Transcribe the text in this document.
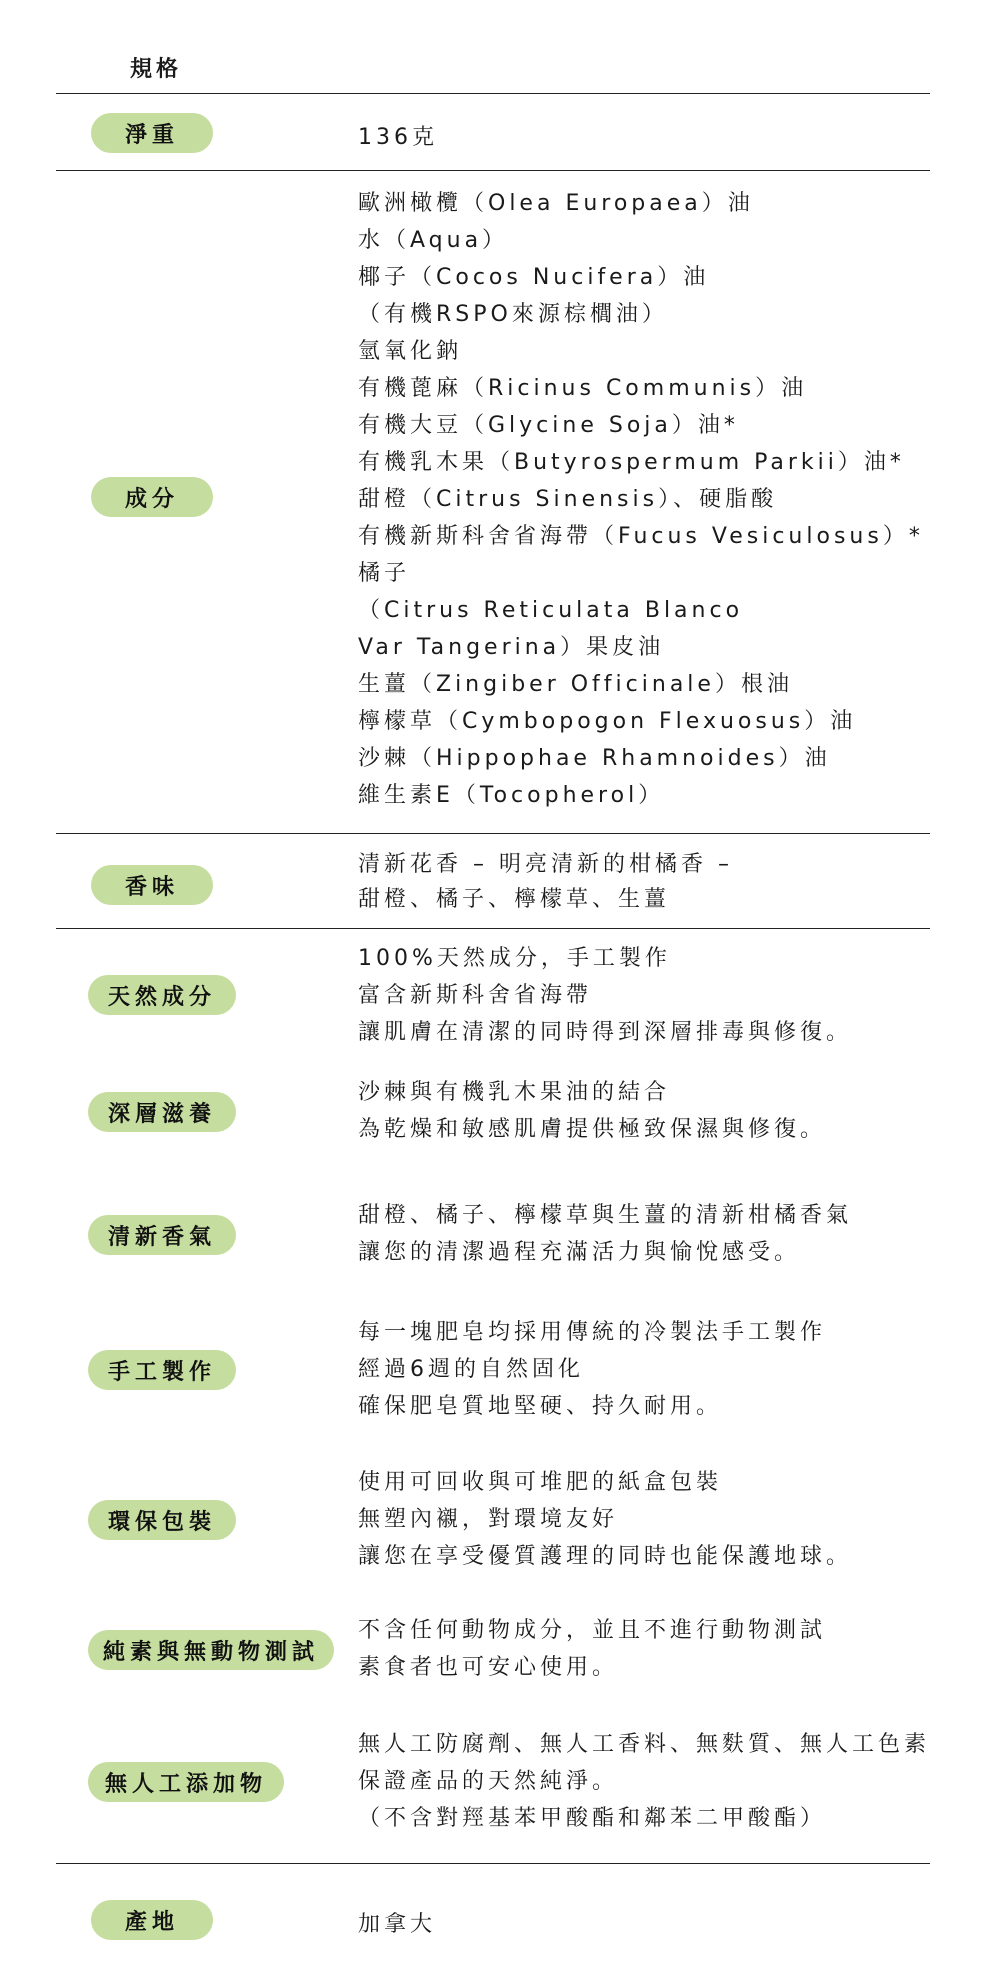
規格
淨重	136克
成分
歐洲橄欖（Olea Europaea）油
水（Aqua）
椰子（Cocos Nucifera）油
（有機RSPO來源棕櫚油）
氫氧化鈉
有機蓖麻（Ricinus Communis）油
有機大豆（Glycine Soja）油*
有機乳木果（Butyrospermum Parkii）油*
甜橙（Citrus Sinensis）、硬脂酸
有機新斯科舍省海帶（Fucus Vesiculosus）*
橘子
（Citrus Reticulata Blanco
Var Tangerina）果皮油
生薑（Zingiber Officinale）根油
檸檬草（Cymbopogon Flexuosus）油
沙棘（Hippophae Rhamnoides）油
維生素E（Tocopherol）
香味
清新花香 – 明亮清新的柑橘香 –
甜橙、橘子、檸檬草、生薑
天然成分
100%天然成分，手工製作
富含新斯科舍省海帶
讓肌膚在清潔的同時得到深層排毒與修復。
深層滋養
沙棘與有機乳木果油的結合
為乾燥和敏感肌膚提供極致保濕與修復。
清新香氣
甜橙、橘子、檸檬草與生薑的清新柑橘香氣
讓您的清潔過程充滿活力與愉悅感受。
手工製作
每一塊肥皂均採用傳統的冷製法手工製作
經過6週的自然固化
確保肥皂質地堅硬、持久耐用。
環保包裝
使用可回收與可堆肥的紙盒包裝
無塑內襯，對環境友好
讓您在享受優質護理的同時也能保護地球。
純素與無動物測試
不含任何動物成分，並且不進行動物測試
素食者也可安心使用。
無人工添加物
無人工防腐劑、無人工香料、無麩質、無人工色素
保證產品的天然純淨。
（不含對羥基苯甲酸酯和鄰苯二甲酸酯）
產地	加拿大
